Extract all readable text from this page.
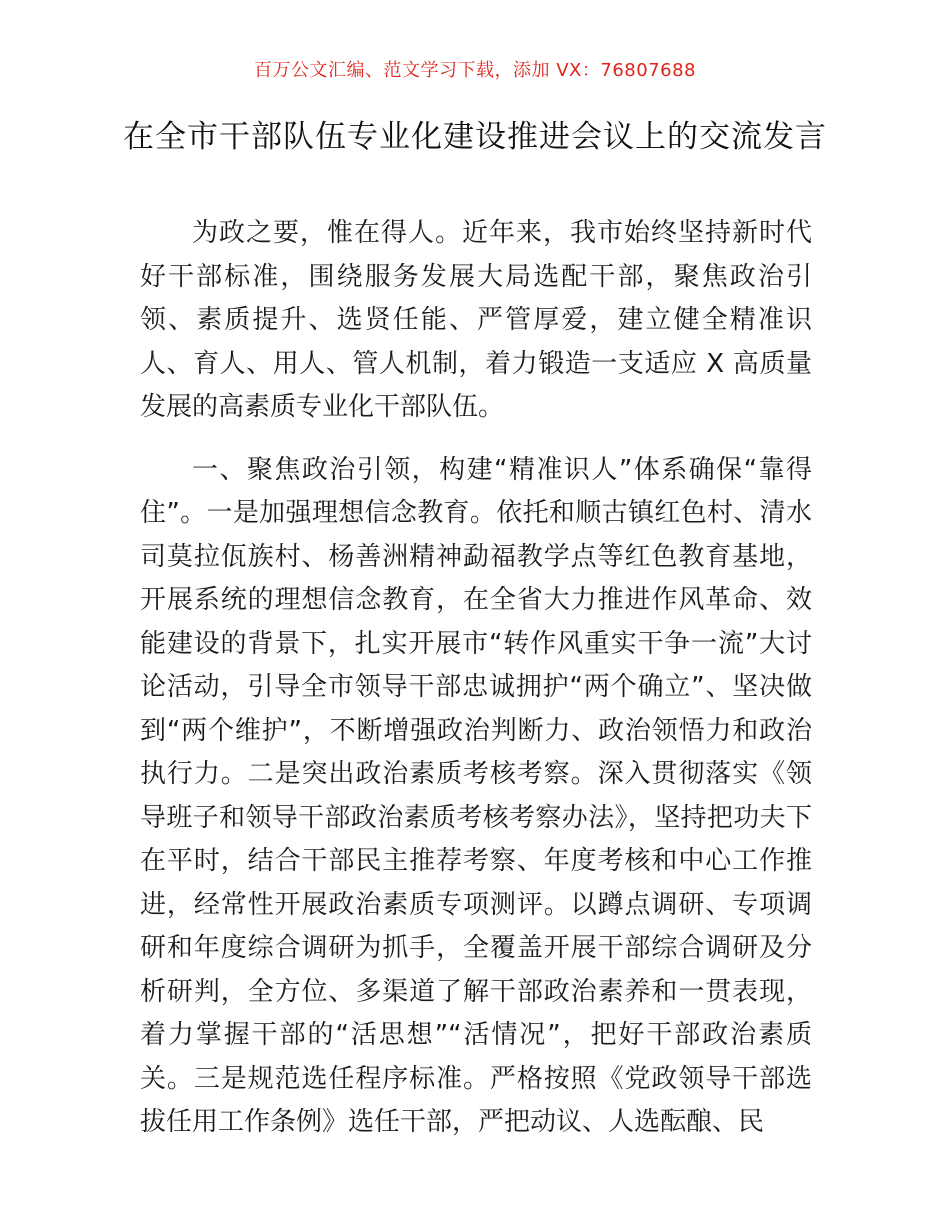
百万公文汇编、范文学习下载，添加 VX：76807688
在全市干部队伍专业化建设推进会议上的交流发言

为政之要，惟在得人。近年来，我市始终坚持新时代好干部标准，围绕服务发展大局选配干部，聚焦政治引领、素质提升、选贤任能、严管厚爱，建立健全精准识人、育人、用人、管人机制，着力锻造一支适应 X 高质量发展的高素质专业化干部队伍。

一、聚焦政治引领，构建“精准识人”体系确保“靠得住”。一是加强理想信念教育。依托和顺古镇红色村、清水司莫拉佤族村、杨善洲精神勐福教学点等红色教育基地，开展系统的理想信念教育，在全省大力推进作风革命、效能建设的背景下，扎实开展市“转作风重实干争一流”大讨论活动，引导全市领导干部忠诚拥护“两个确立”、坚决做到“两个维护”，不断增强政治判断力、政治领悟力和政治执行力。二是突出政治素质考核考察。深入贯彻落实《领导班子和领导干部政治素质考核考察办法》，坚持把功夫下在平时，结合干部民主推荐考察、年度考核和中心工作推进，经常性开展政治素质专项测评。以蹲点调研、专项调研和年度综合调研为抓手，全覆盖开展干部综合调研及分析研判，全方位、多渠道了解干部政治素养和一贯表现，着力掌握干部的“活思想”“活情况”，把好干部政治素质关。三是规范选任程序标准。严格按照《党政领导干部选拔任用工作条例》选任干部，严把动议、人选酝酿、民
